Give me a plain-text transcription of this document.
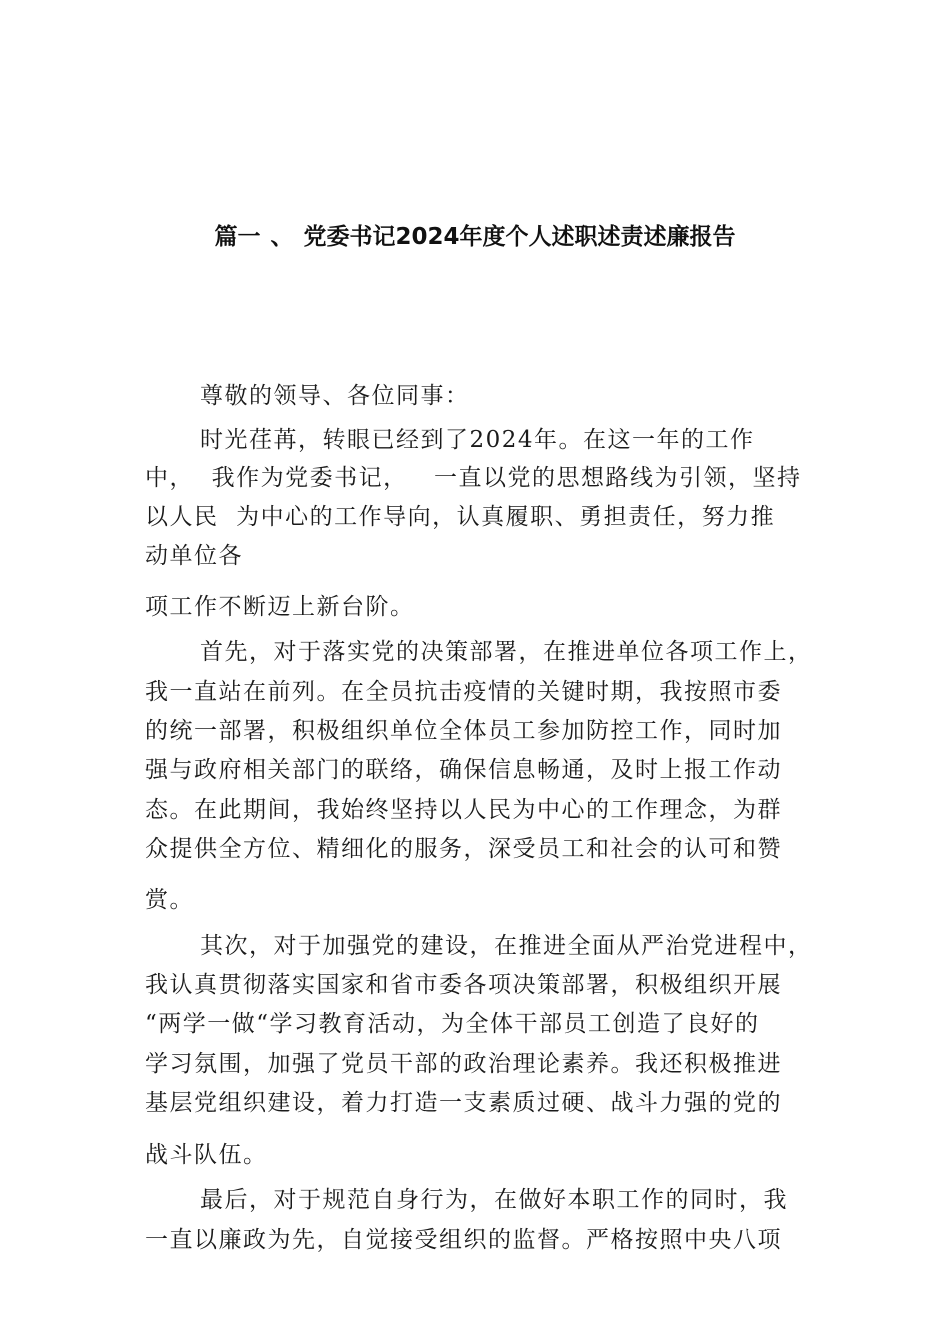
篇一 、 党委书记2024年度个人述职述责述廉报告
尊敬的领导、各位同事：
时光荏苒，转眼已经到了2024年。在这一年的工作
中，  我作为党委书记，   一直以党的思想路线为引领，坚持
以人民  为中心的工作导向，认真履职、勇担责任，努力推
动单位各
项工作不断迈上新台阶。
首先，对于落实党的决策部署，在推进单位各项工作上，
我一直站在前列。在全员抗击疫情的关键时期，我按照市委
的统一部署，积极组织单位全体员工参加防控工作，同时加
强与政府相关部门的联络，确保信息畅通，及时上报工作动
态。在此期间，我始终坚持以人民为中心的工作理念，为群
众提供全方位、精细化的服务，深受员工和社会的认可和赞
赏。
其次，对于加强党的建设，在推进全面从严治党进程中，
我认真贯彻落实国家和省市委各项决策部署，积极组织开展
“两学一做“学习教育活动，为全体干部员工创造了良好的
学习氛围，加强了党员干部的政治理论素养。我还积极推进
基层党组织建设，着力打造一支素质过硬、战斗力强的党的
战斗队伍。
最后，对于规范自身行为，在做好本职工作的同时，我
一直以廉政为先，自觉接受组织的监督。严格按照中央八项
